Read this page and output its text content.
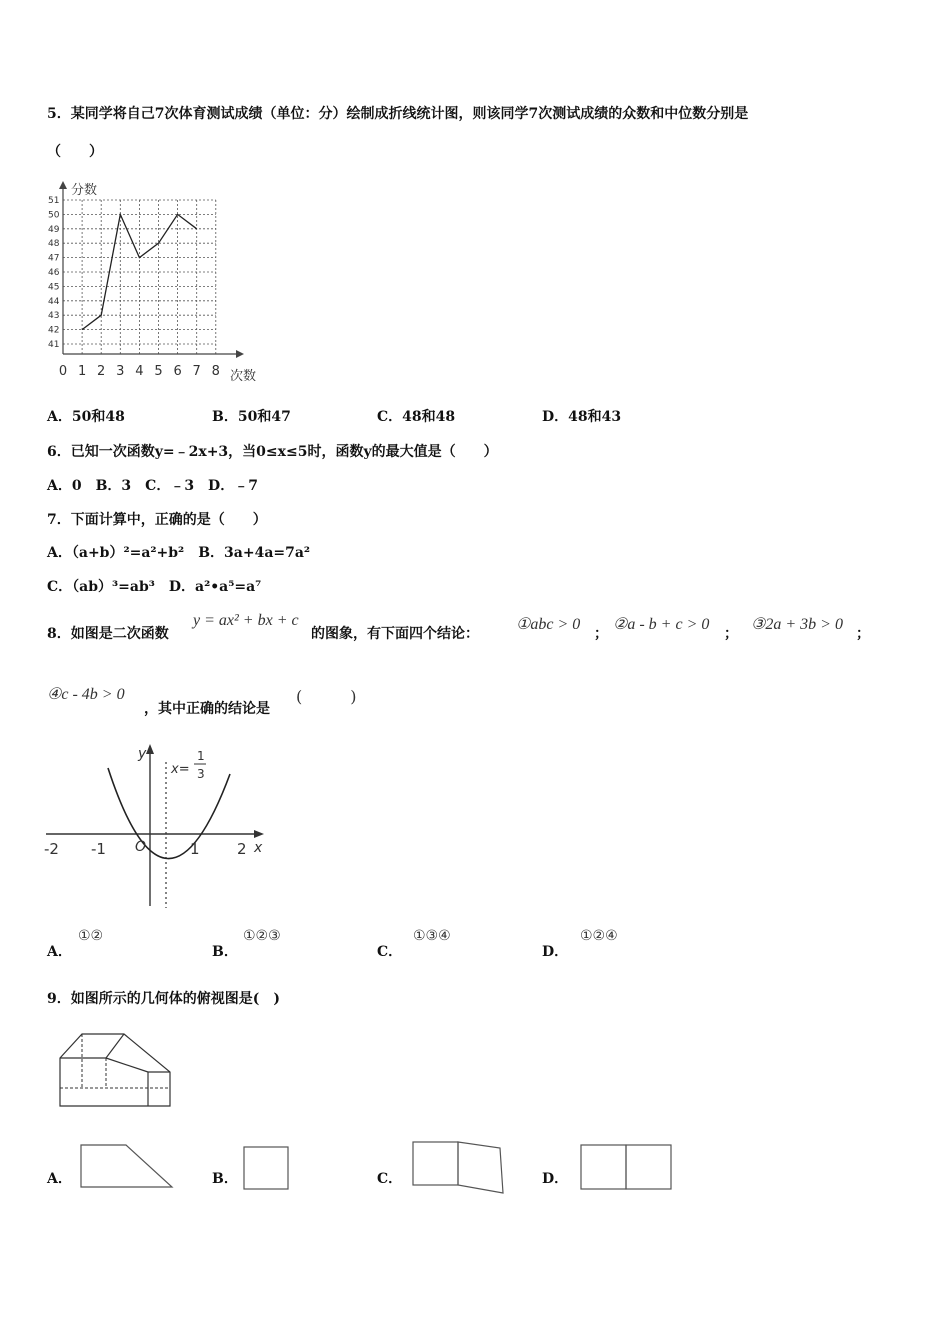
5．某同学将自己7次体育测试成绩（单位：分）绘制成折线统计图，则该同学7次测试成绩的众数和中位数分别是
（　　）
分数
次数
41
42
43
44
45
46
47
48
49
50
51
0 1 2 3 4 5 6 7 8
A．50和48	B．50和47	C．48和48	D．48和43
6．已知一次函数y=﹣2x+3，当0≤x≤5时，函数y的最大值是（　　）
A．0　B．3　C．﹣3　D．﹣7
7．下面计算中，正确的是（　　）
A．（a+b）²=a²+b²　 B．3a+4a=7a²
C．（ab）³=ab³　 D．a²•a⁵=a⁷
8．如图是二次函数
y = ax² + bx + c
的图象，有下面四个结论：
①abc > 0
；
②a - b + c > 0
；
③2a + 3b > 0
；
④c - 4b > 0
，其中正确的结论是
(　　　)
y
x
x=
1
3
-2 -1 O	1 2
A．
①②
B．
①②③
C．
①③④
D．
①②④
9．如图所示的几何体的俯视图是(　)
A．	B．	C．	D．
